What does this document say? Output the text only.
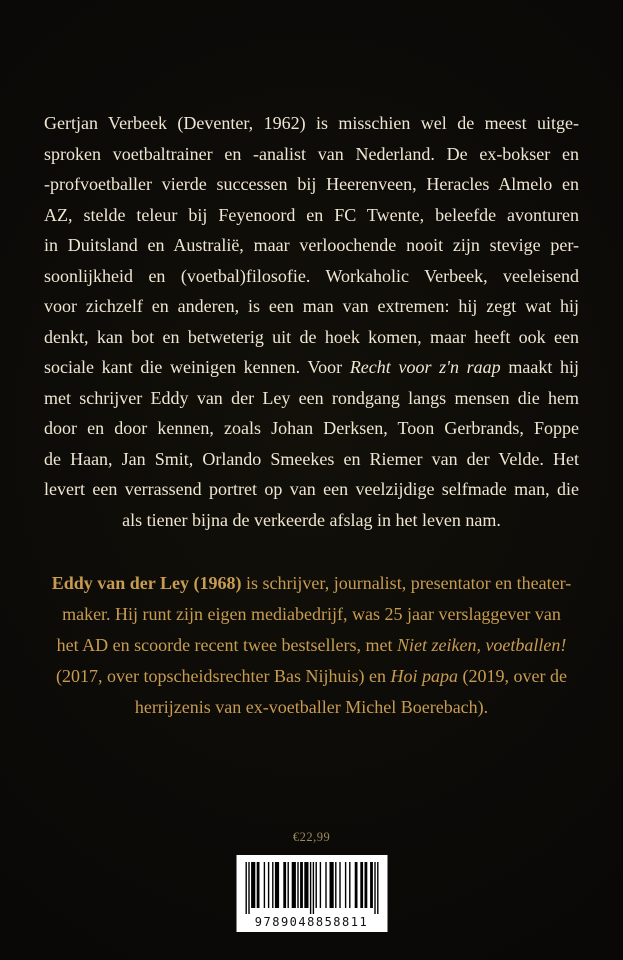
Gertjan Verbeek (Deventer, 1962) is misschien wel de meest uitge-
sproken voetbaltrainer en -analist van Nederland. De ex-bokser en
-profvoetballer vierde successen bij Heerenveen, Heracles Almelo en
AZ, stelde teleur bij Feyenoord en FC Twente, beleefde avonturen
in Duitsland en Australië, maar verloochende nooit zijn stevige per-
soonlijkheid en (voetbal)filosofie. Workaholic Verbeek, veeleisend
voor zichzelf en anderen, is een man van extremen: hij zegt wat hij
denkt, kan bot en betweterig uit de hoek komen, maar heeft ook een
sociale kant die weinigen kennen. Voor Recht voor z'n raap maakt hij
met schrijver Eddy van der Ley een rondgang langs mensen die hem
door en door kennen, zoals Johan Derksen, Toon Gerbrands, Foppe
de Haan, Jan Smit, Orlando Smeekes en Riemer van der Velde. Het
levert een verrassend portret op van een veelzijdige selfmade man, die
als tiener bijna de verkeerde afslag in het leven nam.
Eddy van der Ley (1968) is schrijver, journalist, presentator en theater-
maker. Hij runt zijn eigen mediabedrijf, was 25 jaar verslaggever van
het AD en scoorde recent twee bestsellers, met Niet zeiken, voetballen!
(2017, over topscheidsrechter Bas Nijhuis) en Hoi papa (2019, over de
herrijzenis van ex-voetballer Michel Boerebach).
€22,99
9789048858811
